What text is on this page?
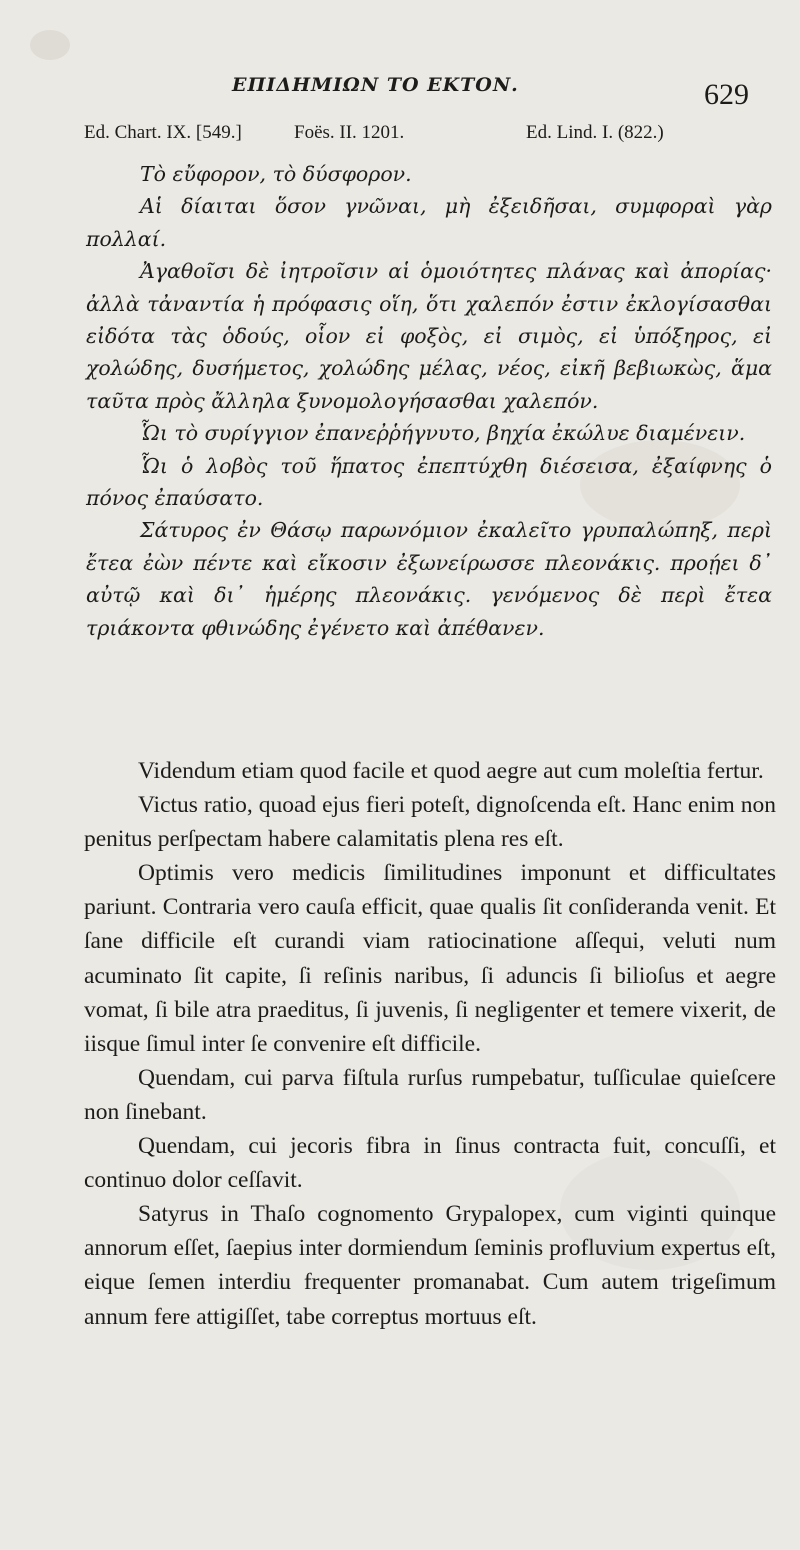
ΕΠΙΔΗΜΙΩΝ ΤΟ ΕΚΤΟΝ.	629
Ed. Chart. IX. [549.]	Foës. II. 1201.	Ed. Lind. I. (822.)

Τὸ εὔφορον, τὸ δύσφορον.

Αἱ δίαιται ὅσον γνῶναι, μὴ ἐξειδῆσαι, συμφοραὶ γὰρ πολλαί.

Ἀγαθοῖσι δὲ ἰητροῖσιν αἱ ὁμοιότητες πλάνας καὶ ἀπορίας· ἀλλὰ τἀναντία ἡ πρόφασις οἵη, ὅτι χαλεπόν ἐστιν ἐκλογίσασθαι εἰδότα τὰς ὁδούς, οἷον εἰ φοξὸς, εἰ σιμὸς, εἰ ὑπόξηρος, εἰ χολώδης, δυσήμετος, χολώδης μέλας, νέος, εἰκῆ βεβιωκὼς, ἅμα ταῦτα πρὸς ἄλληλα ξυνομολογήσασθαι χαλεπόν.

Ὧι τὸ συρίγγιον ἐπανεῤῥήγνυτο, βηχία ἐκώλυε διαμένειν.

Ὧι ὁ λοβὸς τοῦ ἥπατος ἐπεπτύχθη διέσεισα, ἐξαίφνης ὁ πόνος ἐπαύσατο.

Σάτυρος ἐν Θάσῳ παρωνόμιον ἐκαλεῖτο γρυπαλώπηξ, περὶ ἔτεα ἐὼν πέντε καὶ εἴκοσιν ἐξωνείρωσσε πλεονάκις. προῄει δ᾽ αὐτῷ καὶ δι᾽ ἡμέρης πλεονάκις. γενόμενος δὲ περὶ ἔτεα τριάκοντα φθινώδης ἐγένετο καὶ ἀπέθανεν.

Videndum etiam quod facile et quod aegre aut cum moleſtia fertur.

Victus ratio, quoad ejus fieri poteſt, dignoſcenda eſt. Hanc enim non penitus perſpectam habere calamitatis plena res eſt.

Optimis vero medicis ſimilitudines imponunt et difficultates pariunt. Contraria vero cauſa efficit, quae qualis ſit conſideranda venit. Et ſane difficile eſt curandi viam ratiocinatione aſſequi, veluti num acuminato ſit capite, ſi reſinis naribus, ſi aduncis ſi bilioſus et aegre vomat, ſi bile atra praeditus, ſi juvenis, ſi negligenter et temere vixerit, de iisque ſimul inter ſe convenire eſt difficile.

Quendam, cui parva fiſtula rurſus rumpebatur, tuſſiculae quieſcere non ſinebant.

Quendam, cui jecoris fibra in ſinus contracta fuit, concuſſi, et continuo dolor ceſſavit.

Satyrus in Thaſo cognomento Grypalopex, cum viginti quinque annorum eſſet, ſaepius inter dormiendum ſeminis profluvium expertus eſt, eique ſemen interdiu frequenter promanabat. Cum autem trigeſimum annum fere attigiſſet, tabe correptus mortuus eſt.
